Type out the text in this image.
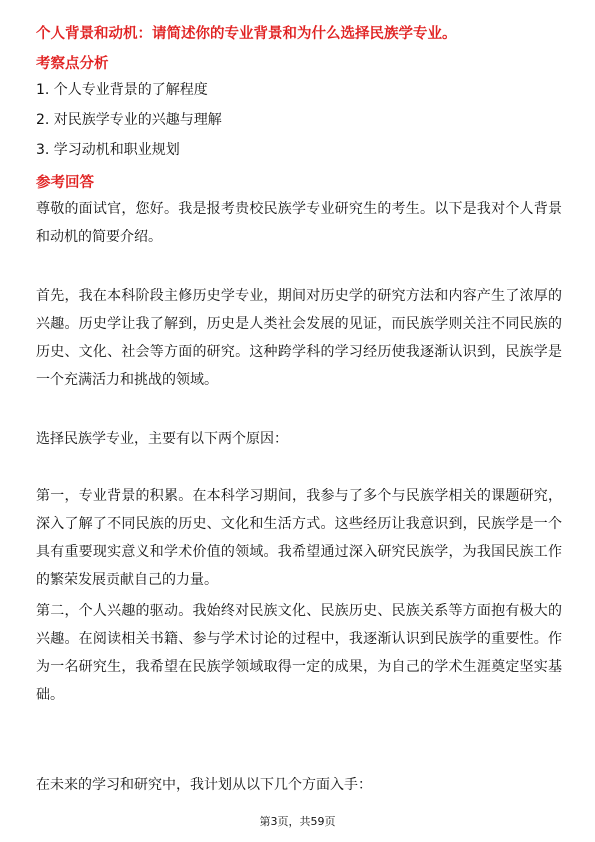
个人背景和动机：请简述你的专业背景和为什么选择民族学专业。
考察点分析
1. 个人专业背景的了解程度
2. 对民族学专业的兴趣与理解
3. 学习动机和职业规划
参考回答
尊敬的面试官，您好。我是报考贵校民族学专业研究生的考生。以下是我对个人背景和动机的简要介绍。
首先，我在本科阶段主修历史学专业，期间对历史学的研究方法和内容产生了浓厚的兴趣。历史学让我了解到，历史是人类社会发展的见证，而民族学则关注不同民族的历史、文化、社会等方面的研究。这种跨学科的学习经历使我逐渐认识到，民族学是一个充满活力和挑战的领域。
选择民族学专业，主要有以下两个原因：
第一，专业背景的积累。在本科学习期间，我参与了多个与民族学相关的课题研究，深入了解了不同民族的历史、文化和生活方式。这些经历让我意识到，民族学是一个具有重要现实意义和学术价值的领域。我希望通过深入研究民族学，为我国民族工作的繁荣发展贡献自己的力量。
第二，个人兴趣的驱动。我始终对民族文化、民族历史、民族关系等方面抱有极大的兴趣。在阅读相关书籍、参与学术讨论的过程中，我逐渐认识到民族学的重要性。作为一名研究生，我希望在民族学领域取得一定的成果，为自己的学术生涯奠定坚实基础。
在未来的学习和研究中，我计划从以下几个方面入手：
第3页，共59页
